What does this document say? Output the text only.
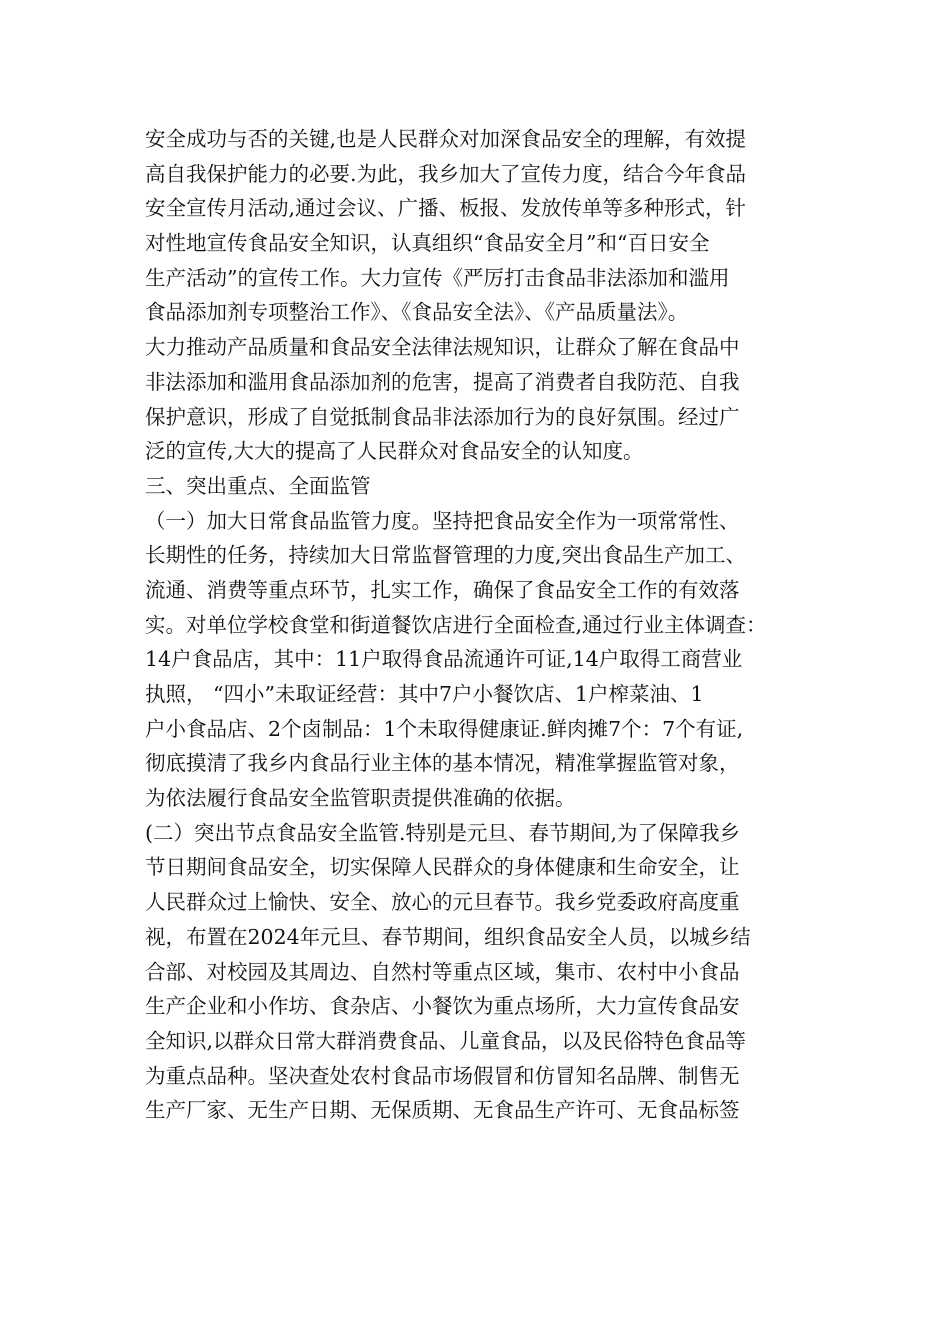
安全成功与否的关键,也是人民群众对加深食品安全的理解，有效提
高自我保护能力的必要.为此，我乡加大了宣传力度，结合今年食品
安全宣传月活动,通过会议、广播、板报、发放传单等多种形式，针
对性地宣传食品安全知识，认真组织“食品安全月”和“百日安全
生产活动”的宣传工作。大力宣传《严厉打击食品非法添加和滥用
食品添加剂专项整治工作》、《食品安全法》、《产品质量法》。
大力推动产品质量和食品安全法律法规知识，让群众了解在食品中
非法添加和滥用食品添加剂的危害，提高了消费者自我防范、自我
保护意识，形成了自觉抵制食品非法添加行为的良好氛围。经过广
泛的宣传,大大的提高了人民群众对食品安全的认知度。
三、突出重点、全面监管
（一）加大日常食品监管力度。坚持把食品安全作为一项常常性、
长期性的任务，持续加大日常监督管理的力度,突出食品生产加工、
流通、消费等重点环节，扎实工作，确保了食品安全工作的有效落
实。对单位学校食堂和街道餐饮店进行全面检查,通过行业主体调查：
14户食品店，其中：11户取得食品流通许可证,14户取得工商营业
执照， “四小”未取证经营：其中7户小餐饮店、1户榨菜油、1
户小食品店、2个卤制品：1个未取得健康证.鲜肉摊7个：7个有证,
彻底摸清了我乡内食品行业主体的基本情况，精准掌握监管对象，
为依法履行食品安全监管职责提供准确的依据。
(二）突出节点食品安全监管.特别是元旦、春节期间,为了保障我乡
节日期间食品安全，切实保障人民群众的身体健康和生命安全，让
人民群众过上愉快、安全、放心的元旦春节。我乡党委政府高度重
视，布置在2024年元旦、春节期间，组织食品安全人员，以城乡结
合部、对校园及其周边、自然村等重点区域，集市、农村中小食品
生产企业和小作坊、食杂店、小餐饮为重点场所，大力宣传食品安
全知识,以群众日常大群消费食品、儿童食品，以及民俗特色食品等
为重点品种。坚决查处农村食品市场假冒和仿冒知名品牌、制售无
生产厂家、无生产日期、无保质期、无食品生产许可、无食品标签
